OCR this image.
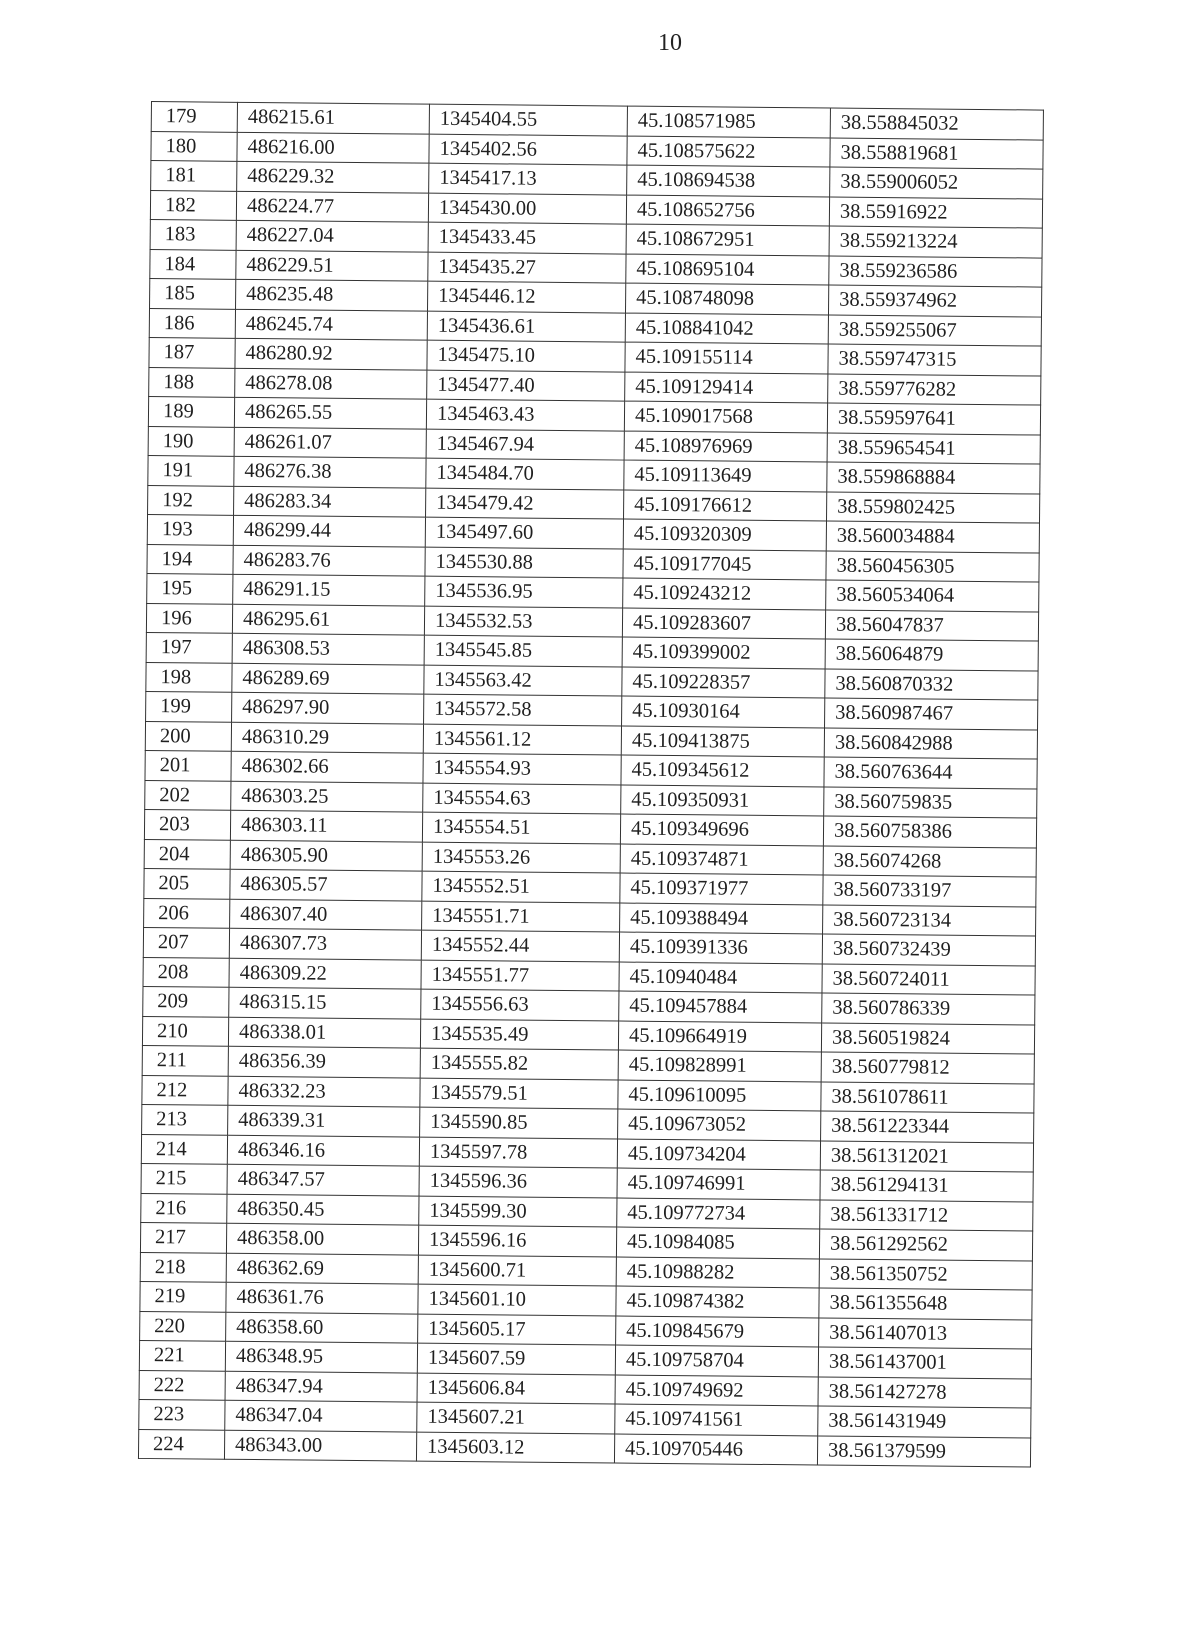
10
179	486215.61	1345404.55	45.108571985	38.558845032
180	486216.00	1345402.56	45.108575622	38.558819681
181	486229.32	1345417.13	45.108694538	38.559006052
182	486224.77	1345430.00	45.108652756	38.55916922
183	486227.04	1345433.45	45.108672951	38.559213224
184	486229.51	1345435.27	45.108695104	38.559236586
185	486235.48	1345446.12	45.108748098	38.559374962
186	486245.74	1345436.61	45.108841042	38.559255067
187	486280.92	1345475.10	45.109155114	38.559747315
188	486278.08	1345477.40	45.109129414	38.559776282
189	486265.55	1345463.43	45.109017568	38.559597641
190	486261.07	1345467.94	45.108976969	38.559654541
191	486276.38	1345484.70	45.109113649	38.559868884
192	486283.34	1345479.42	45.109176612	38.559802425
193	486299.44	1345497.60	45.109320309	38.560034884
194	486283.76	1345530.88	45.109177045	38.560456305
195	486291.15	1345536.95	45.109243212	38.560534064
196	486295.61	1345532.53	45.109283607	38.56047837
197	486308.53	1345545.85	45.109399002	38.56064879
198	486289.69	1345563.42	45.109228357	38.560870332
199	486297.90	1345572.58	45.10930164	38.560987467
200	486310.29	1345561.12	45.109413875	38.560842988
201	486302.66	1345554.93	45.109345612	38.560763644
202	486303.25	1345554.63	45.109350931	38.560759835
203	486303.11	1345554.51	45.109349696	38.560758386
204	486305.90	1345553.26	45.109374871	38.56074268
205	486305.57	1345552.51	45.109371977	38.560733197
206	486307.40	1345551.71	45.109388494	38.560723134
207	486307.73	1345552.44	45.109391336	38.560732439
208	486309.22	1345551.77	45.10940484	38.560724011
209	486315.15	1345556.63	45.109457884	38.560786339
210	486338.01	1345535.49	45.109664919	38.560519824
211	486356.39	1345555.82	45.109828991	38.560779812
212	486332.23	1345579.51	45.109610095	38.561078611
213	486339.31	1345590.85	45.109673052	38.561223344
214	486346.16	1345597.78	45.109734204	38.561312021
215	486347.57	1345596.36	45.109746991	38.561294131
216	486350.45	1345599.30	45.109772734	38.561331712
217	486358.00	1345596.16	45.10984085	38.561292562
218	486362.69	1345600.71	45.10988282	38.561350752
219	486361.76	1345601.10	45.109874382	38.561355648
220	486358.60	1345605.17	45.109845679	38.561407013
221	486348.95	1345607.59	45.109758704	38.561437001
222	486347.94	1345606.84	45.109749692	38.561427278
223	486347.04	1345607.21	45.109741561	38.561431949
224	486343.00	1345603.12	45.109705446	38.561379599
